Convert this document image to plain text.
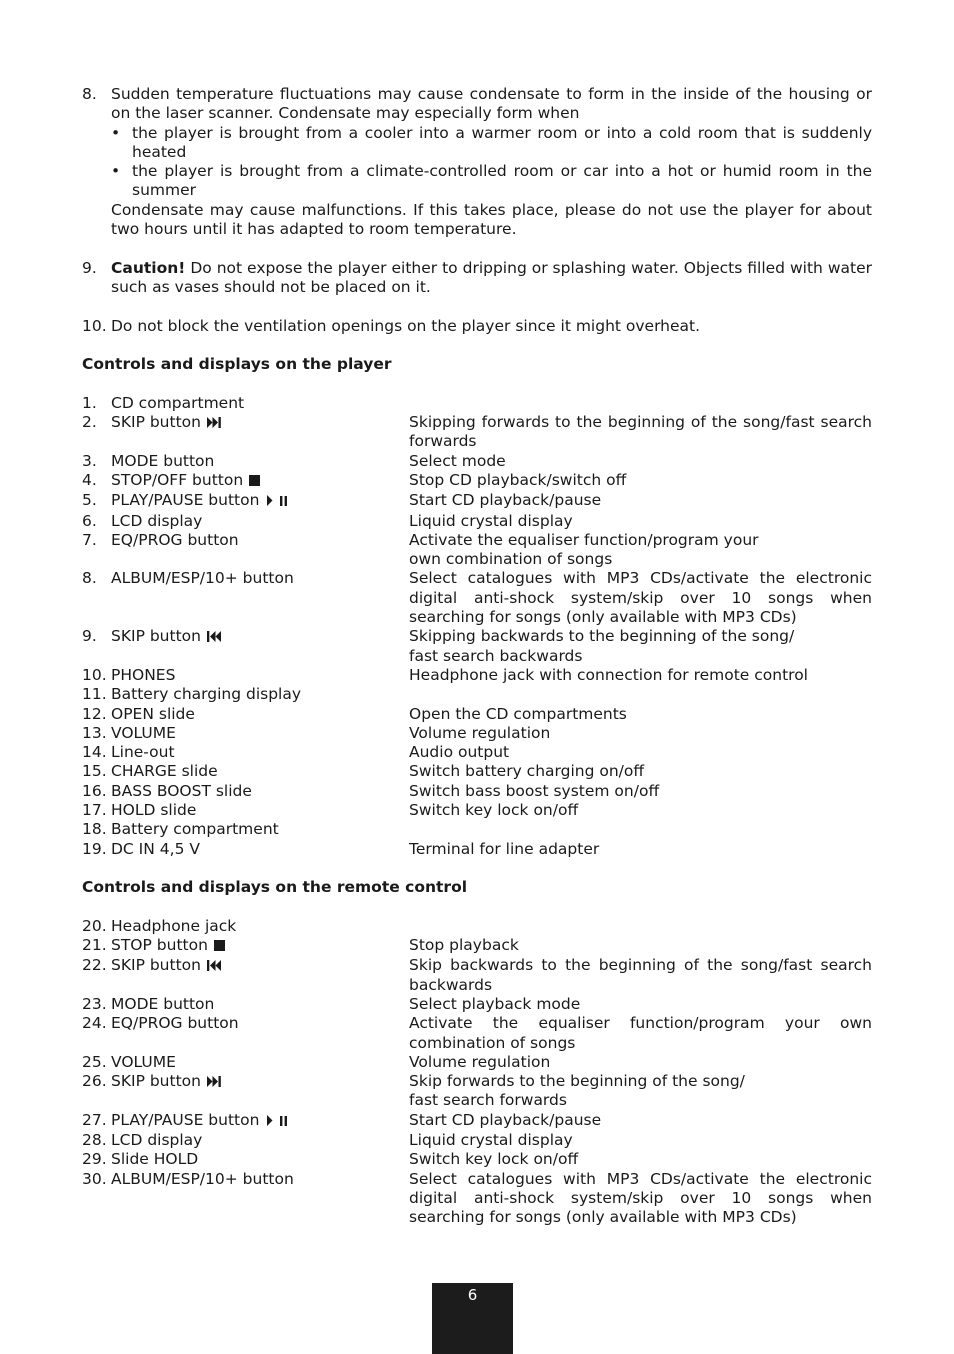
8. Sudden temperature fluctuations may cause condensate to form in the inside of the housing or on the laser scanner. Condensate may especially form when
• the player is brought from a cooler into a warmer room or into a cold room that is suddenly heated
• the player is brought from a climate-controlled room or car into a hot or humid room in the summer
Condensate may cause malfunctions. If this takes place, please do not use the player for about two hours until it has adapted to room temperature.
9. Caution! Do not expose the player either to dripping or splashing water. Objects filled with water such as vases should not be placed on it.
10. Do not block the ventilation openings on the player since it might overheat.
Controls and displays on the player
1. CD compartment
2. SKIP button	Skipping forwards to the beginning of the song/fast search forwards
3. MODE button	Select mode
4. STOP/OFF button	Stop CD playback/switch off
5. PLAY/PAUSE button	Start CD playback/pause
6. LCD display	Liquid crystal display
7. EQ/PROG button	Activate the equaliser function/program your
own combination of songs
8. ALBUM/ESP/10+ button	Select catalogues with MP3 CDs/activate the electronic digital anti-shock system/skip over 10 songs when searching for songs (only available with MP3 CDs)
9. SKIP button	Skipping backwards to the beginning of the song/
fast search backwards
10. PHONES	Headphone jack with connection for remote control
11. Battery charging display
12. OPEN slide	Open the CD compartments
13. VOLUME	Volume regulation
14. Line-out	Audio output
15. CHARGE slide	Switch battery charging on/off
16. BASS BOOST slide	Switch bass boost system on/off
17. HOLD slide	Switch key lock on/off
18. Battery compartment
19. DC IN 4,5 V	Terminal for line adapter
Controls and displays on the remote control
20. Headphone jack
21. STOP button	Stop playback
22. SKIP button	Skip backwards to the beginning of the song/fast search backwards
23. MODE button	Select playback mode
24. EQ/PROG button	Activate the equaliser function/program your own combination of songs
25. VOLUME	Volume regulation
26. SKIP button	Skip forwards to the beginning of the song/
fast search forwards
27. PLAY/PAUSE button	Start CD playback/pause
28. LCD display	Liquid crystal display
29. Slide HOLD	Switch key lock on/off
30. ALBUM/ESP/10+ button	Select catalogues with MP3 CDs/activate the electronic digital anti-shock system/skip over 10 songs when searching for songs (only available with MP3 CDs)
6
